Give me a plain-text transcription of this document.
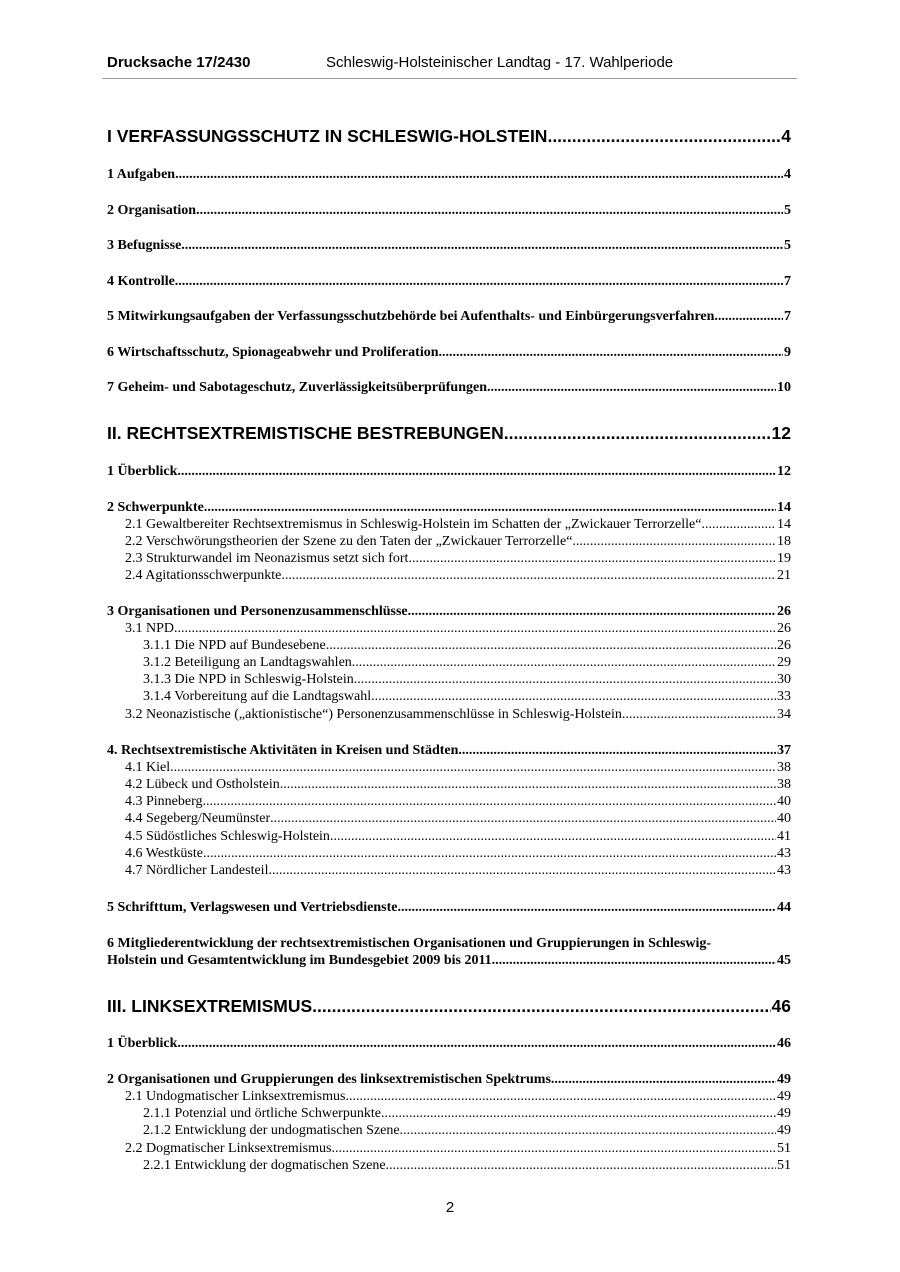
Drucksache 17/2430	Schleswig-Holsteinischer Landtag - 17. Wahlperiode
I VERFASSUNGSSCHUTZ IN SCHLESWIG-HOLSTEIN .....	4
1 Aufgaben .....	4
2 Organisation .....	5
3 Befugnisse .....	5
4 Kontrolle .....	7
5 Mitwirkungsaufgaben der Verfassungsschutzbehörde bei Aufenthalts- und Einbürgerungsverfahren .....	7
6 Wirtschaftsschutz, Spionageabwehr und Proliferation .....	9
7 Geheim- und Sabotageschutz, Zuverlässigkeitsüberprüfungen .....	10
II. RECHTSEXTREMISTISCHE BESTREBUNGEN .....	12
1 Überblick .....	12
2 Schwerpunkte .....	14
2.1 Gewaltbereiter Rechtsextremismus in Schleswig-Holstein im Schatten der „Zwickauer Terrorzelle“ .....	14
2.2 Verschwörungstheorien der Szene zu den Taten der „Zwickauer Terrorzelle“ .....	18
2.3 Strukturwandel im Neonazismus setzt sich fort .....	19
2.4 Agitationsschwerpunkte .....	21
3 Organisationen und Personenzusammenschlüsse .....	26
3.1 NPD .....	26
3.1.1 Die NPD auf Bundesebene .....	26
3.1.2 Beteiligung an Landtagswahlen .....	29
3.1.3 Die NPD in Schleswig-Holstein .....	30
3.1.4 Vorbereitung auf die Landtagswahl .....	33
3.2 Neonazistische („aktionistische“) Personenzusammenschlüsse in Schleswig-Holstein .....	34
4. Rechtsextremistische Aktivitäten in Kreisen und Städten .....	37
4.1 Kiel .....	38
4.2 Lübeck und Ostholstein .....	38
4.3 Pinneberg .....	40
4.4 Segeberg/Neumünster .....	40
4.5 Südöstliches Schleswig-Holstein .....	41
4.6 Westküste .....	43
4.7 Nördlicher Landesteil .....	43
5 Schrifttum, Verlagswesen und Vertriebsdienste .....	44
6 Mitgliederentwicklung der rechtsextremistischen Organisationen und Gruppierungen in Schleswig-
Holstein und Gesamtentwicklung im Bundesgebiet 2009 bis 2011 .....	45
III. LINKSEXTREMISMUS .....	46
1 Überblick .....	46
2 Organisationen und Gruppierungen des linksextremistischen Spektrums .....	49
2.1 Undogmatischer Linksextremismus .....	49
2.1.1 Potenzial und örtliche Schwerpunkte .....	49
2.1.2 Entwicklung der undogmatischen Szene .....	49
2.2 Dogmatischer Linksextremismus .....	51
2.2.1 Entwicklung der dogmatischen Szene .....	51
2
